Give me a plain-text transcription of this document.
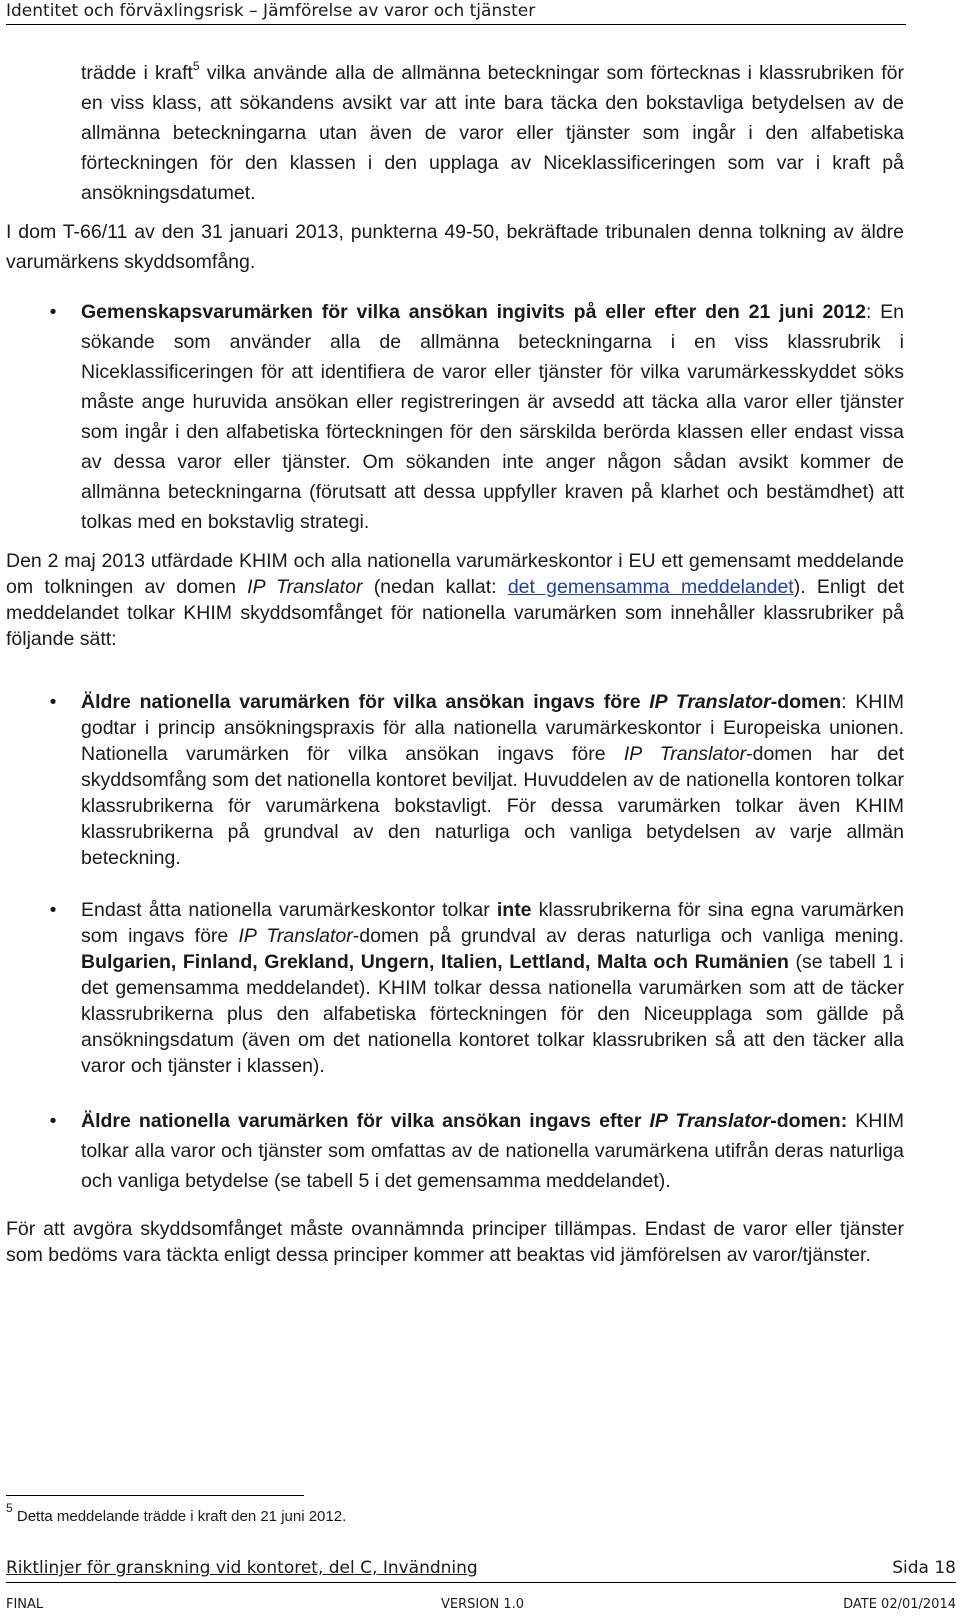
Identitet och förväxlingsrisk – Jämförelse av varor och tjänster

trädde i kraft$^5$ vilka använde alla de allmänna beteckningar som förtecknas i klassrubriken för en viss klass, att sökandens avsikt var att inte bara täcka den bokstavliga betydelsen av de allmänna beteckningarna utan även de varor eller tjänster som ingår i den alfabetiska förteckningen för den klassen i den upplaga av Niceklassificeringen som var i kraft på ansökningsdatumet.

I dom T-66/11 av den 31 januari 2013, punkterna 49-50, bekräftade tribunalen denna tolkning av äldre varumärkens skyddsomfång.

• Gemenskapsvarumärken för vilka ansökan ingivits på eller efter den 21 juni 2012: En sökande som använder alla de allmänna beteckningarna i en viss klassrubrik i Niceklassificeringen för att identifiera de varor eller tjänster för vilka varumärkesskyddet söks måste ange huruvida ansökan eller registreringen är avsedd att täcka alla varor eller tjänster som ingår i den alfabetiska förteckningen för den särskilda berörda klassen eller endast vissa av dessa varor eller tjänster. Om sökanden inte anger någon sådan avsikt kommer de allmänna beteckningarna (förutsatt att dessa uppfyller kraven på klarhet och bestämdhet) att tolkas med en bokstavlig strategi.

Den 2 maj 2013 utfärdade KHIM och alla nationella varumärkeskontor i EU ett gemensamt meddelande om tolkningen av domen IP Translator (nedan kallat: det gemensamma meddelandet). Enligt det meddelandet tolkar KHIM skyddsomfånget för nationella varumärken som innehåller klassrubriker på följande sätt:

• Äldre nationella varumärken för vilka ansökan ingavs före IP Translator-domen: KHIM godtar i princip ansökningspraxis för alla nationella varumärkeskontor i Europeiska unionen. Nationella varumärken för vilka ansökan ingavs före IP Translator-domen har det skyddsomfång som det nationella kontoret beviljat. Huvuddelen av de nationella kontoren tolkar klassrubrikerna för varumärkena bokstavligt. För dessa varumärken tolkar även KHIM klassrubrikerna på grundval av den naturliga och vanliga betydelsen av varje allmän beteckning.
• Endast åtta nationella varumärkeskontor tolkar inte klassrubrikerna för sina egna varumärken som ingavs före IP Translator-domen på grundval av deras naturliga och vanliga mening. Bulgarien, Finland, Grekland, Ungern, Italien, Lettland, Malta och Rumänien (se tabell 1 i det gemensamma meddelandet). KHIM tolkar dessa nationella varumärken som att de täcker klassrubrikerna plus den alfabetiska förteckningen för den Niceupplaga som gällde på ansökningsdatum (även om det nationella kontoret tolkar klassrubriken så att den täcker alla varor och tjänster i klassen).
• Äldre nationella varumärken för vilka ansökan ingavs efter IP Translator-domen: KHIM tolkar alla varor och tjänster som omfattas av de nationella varumärkena utifrån deras naturliga och vanliga betydelse (se tabell 5 i det gemensamma meddelandet).

För att avgöra skyddsomfånget måste ovannämnda principer tillämpas. Endast de varor eller tjänster som bedöms vara täckta enligt dessa principer kommer att beaktas vid jämförelsen av varor/tjänster.

$^5$ Detta meddelande trädde i kraft den 21 juni 2012.
Riktlinjer för granskning vid kontoret, del C, Invändning	Sida 18
FINAL	VERSION 1.0	DATE 02/01/2014
